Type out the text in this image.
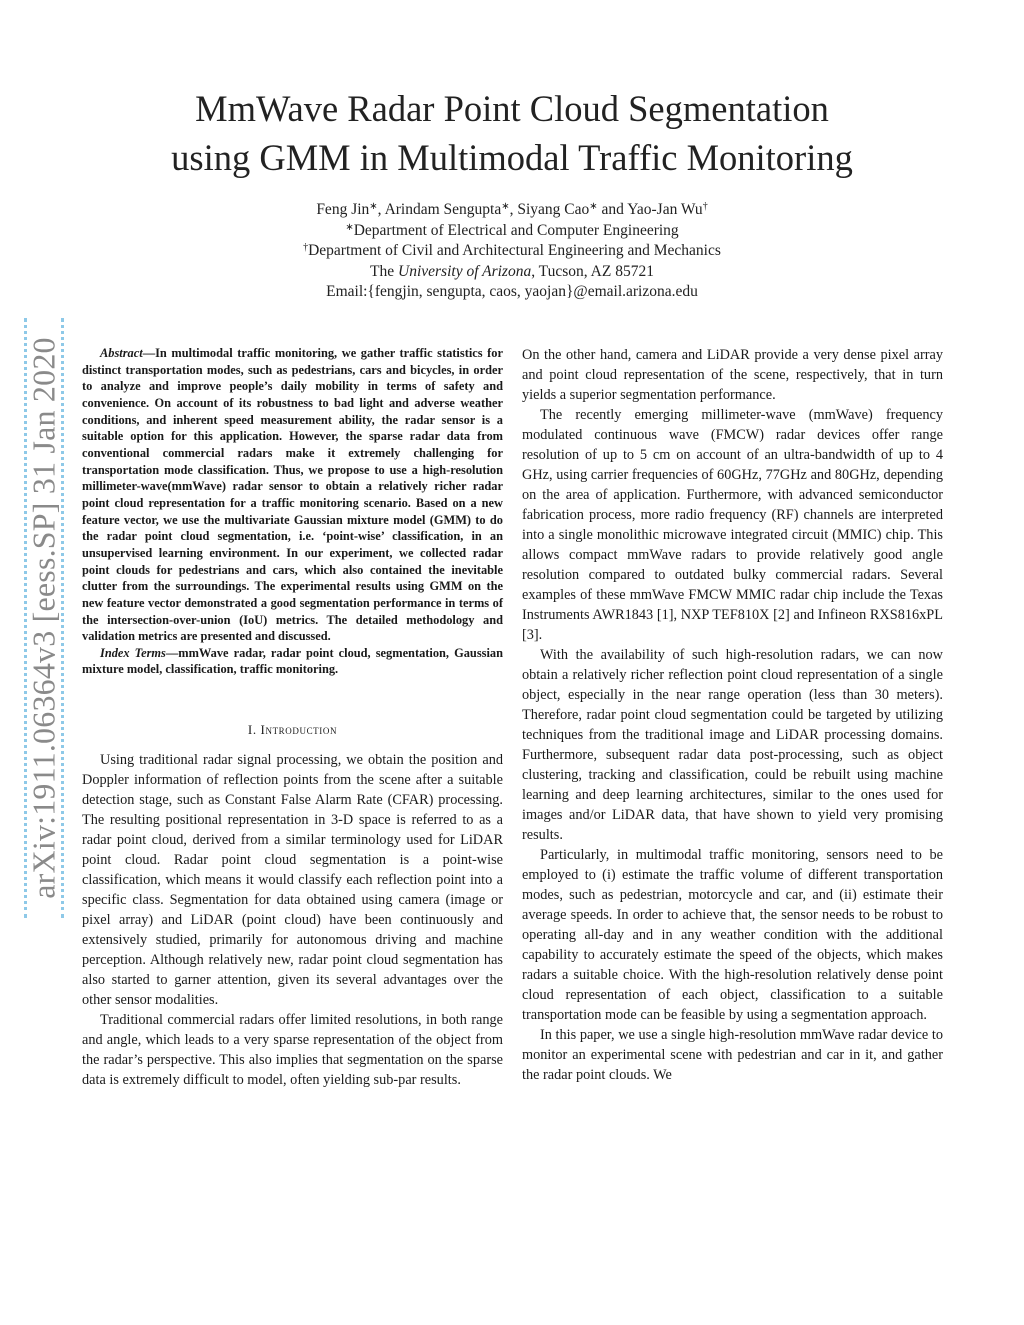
arXiv:1911.06364v3 [eess.SP] 31 Jan 2020
MmWave Radar Point Cloud Segmentation
using GMM in Multimodal Traffic Monitoring
Feng Jin∗, Arindam Sengupta∗, Siyang Cao∗ and Yao-Jan Wu†
∗Department of Electrical and Computer Engineering
†Department of Civil and Architectural Engineering and Mechanics
The University of Arizona, Tucson, AZ 85721
Email:{fengjin, sengupta, caos, yaojan}@email.arizona.edu

Abstract—In multimodal traffic monitoring, we gather traffic statistics for distinct transportation modes, such as pedestrians, cars and bicycles, in order to analyze and improve people’s daily mobility in terms of safety and convenience. On account of its robustness to bad light and adverse weather conditions, and inherent speed measurement ability, the radar sensor is a suitable option for this application. However, the sparse radar data from conventional commercial radars make it extremely challenging for transportation mode classification. Thus, we propose to use a high-resolution millimeter-wave(mmWave) radar sensor to obtain a relatively richer radar point cloud representation for a traffic monitoring scenario. Based on a new feature vector, we use the multivariate Gaussian mixture model (GMM) to do the radar point cloud segmentation, i.e. ‘point-wise’ classification, in an unsupervised learning environment. In our experiment, we collected radar point clouds for pedestrians and cars, which also contained the inevitable clutter from the surroundings. The experimental results using GMM on the new feature vector demonstrated a good segmentation performance in terms of the intersection-over-union (IoU) metrics. The detailed methodology and validation metrics are presented and discussed.

Index Terms—mmWave radar, radar point cloud, segmentation, Gaussian mixture model, classification, traffic monitoring.

I. Introduction

Using traditional radar signal processing, we obtain the position and Doppler information of reflection points from the scene after a suitable detection stage, such as Constant False Alarm Rate (CFAR) processing. The resulting positional representation in 3-D space is referred to as a radar point cloud, derived from a similar terminology used for LiDAR point cloud. Radar point cloud segmentation is a point-wise classification, which means it would classify each reflection point into a specific class. Segmentation for data obtained using camera (image or pixel array) and LiDAR (point cloud) have been continuously and extensively studied, primarily for autonomous driving and machine perception. Although relatively new, radar point cloud segmentation has also started to garner attention, given its several advantages over the other sensor modalities.

Traditional commercial radars offer limited resolutions, in both range and angle, which leads to a very sparse representation of the object from the radar’s perspective. This also implies that segmentation on the sparse data is extremely difficult to model, often yielding sub-par results.

On the other hand, camera and LiDAR provide a very dense pixel array and point cloud representation of the scene, respectively, that in turn yields a superior segmentation performance.

The recently emerging millimeter-wave (mmWave) frequency modulated continuous wave (FMCW) radar devices offer range resolution of up to 5 cm on account of an ultra-bandwidth of up to 4 GHz, using carrier frequencies of 60GHz, 77GHz and 80GHz, depending on the area of application. Furthermore, with advanced semiconductor fabrication process, more radio frequency (RF) channels are interpreted into a single monolithic microwave integrated circuit (MMIC) chip. This allows compact mmWave radars to provide relatively good angle resolution compared to outdated bulky commercial radars. Several examples of these mmWave FMCW MMIC radar chip include the Texas Instruments AWR1843 [1], NXP TEF810X [2] and Infineon RXS816xPL [3].

With the availability of such high-resolution radars, we can now obtain a relatively richer reflection point cloud representation of a single object, especially in the near range operation (less than 30 meters). Therefore, radar point cloud segmentation could be targeted by utilizing techniques from the traditional image and LiDAR processing domains. Furthermore, subsequent radar data post-processing, such as object clustering, tracking and classification, could be rebuilt using machine learning and deep learning architectures, similar to the ones used for images and/or LiDAR data, that have shown to yield very promising results.

Particularly, in multimodal traffic monitoring, sensors need to be employed to (i) estimate the traffic volume of different transportation modes, such as pedestrian, motorcycle and car, and (ii) estimate their average speeds. In order to achieve that, the sensor needs to be robust to operating all-day and in any weather condition with the additional capability to accurately estimate the speed of the objects, which makes radars a suitable choice. With the high-resolution relatively dense point cloud representation of each object, classification to a suitable transportation mode can be feasible by using a segmentation approach.

In this paper, we use a single high-resolution mmWave radar device to monitor an experimental scene with pedestrian and car in it, and gather the radar point clouds. We
